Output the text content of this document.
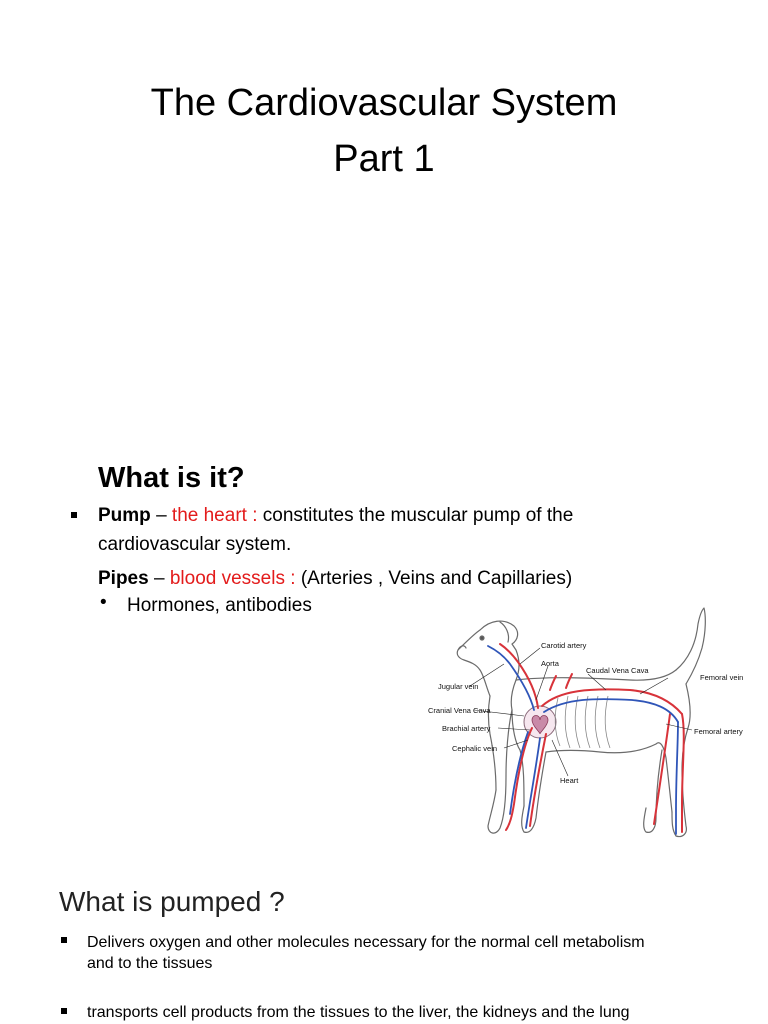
The Cardiovascular System
Part 1
What is it?
Pump – the heart : constitutes the muscular pump of the
cardiovascular system.
Pipes – blood vessels : (Arteries , Veins and Capillaries)
• Hormones, antibodies
Carotid artery
Aorta
Caudal Vena Cava
Jugular vein
Femoral vein
Cranial Vena Cava
Brachial artery	Femoral artery
Cephalic vein
Heart
What is pumped ?
Delivers oxygen and other molecules necessary for the normal cell metabolism
and to the tissues
transports cell products from the tissues to the liver, the kidneys and the lung
